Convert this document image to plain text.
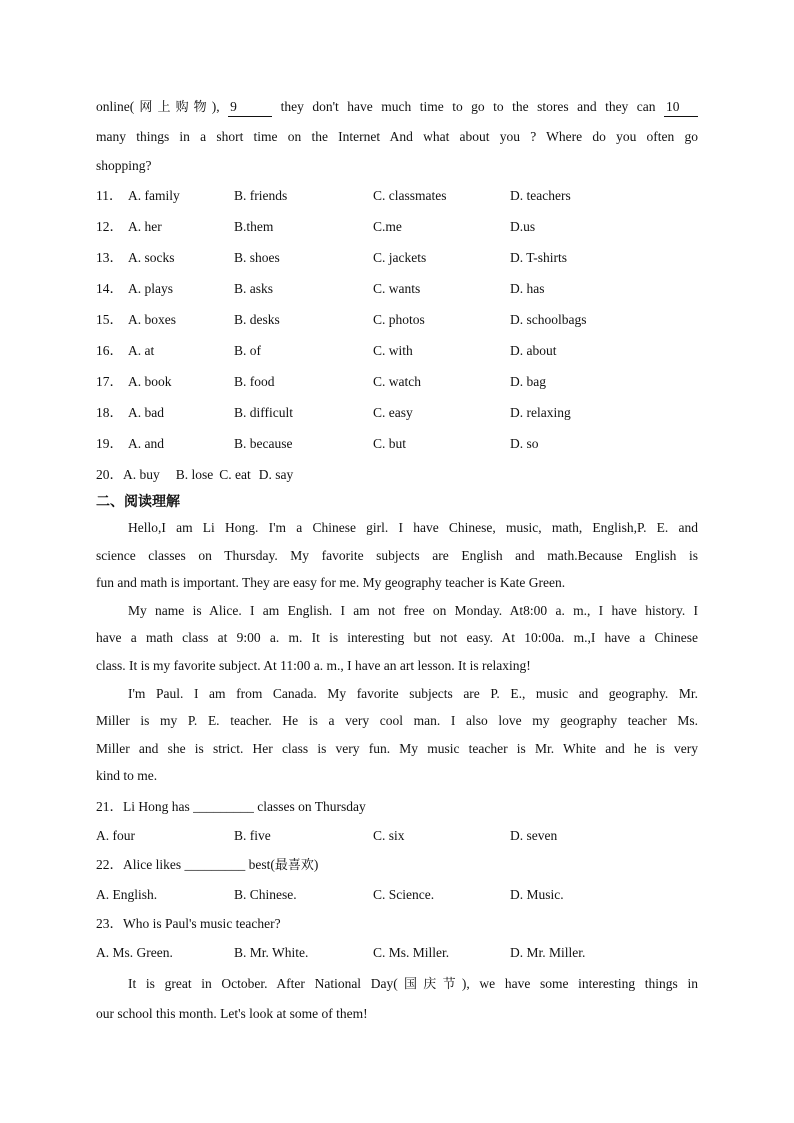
online(网上购物), 9	they don't have much time to go to the stores and they can 10

many things in a short time on the Internet And what about you ? Where do you often go

shopping?

11． A. family	B. friends	C. classmates	D. teachers
12． A. her	B.them	C.me	D.us
13． A. socks	B. shoes	C. jackets	D. T-shirts
14． A. plays	B. asks	C. wants	D. has
15． A. boxes	B. desks	C. photos	D. schoolbags
16． A. at	B. of	C. with	D. about
17． A. book	B. food	C. watch	D. bag
18． A. bad	B. difficult	C. easy	D. relaxing
19． A. and	B. because	C. but	D. so
20．A. buy B. lose C. eat D. say

二、阅读理解

Hello,I am Li Hong. I'm a Chinese girl. I have Chinese, music, math, English,P. E. and
science classes on Thursday. My favorite subjects are English and math.Because English is
fun and math is important. They are easy for me. My geography teacher is Kate Green.
My name is Alice. I am English. I am not free on Monday. At8:00 a. m., I have history. I
have a math class at 9:00 a. m. It is interesting but not easy. At 10:00a. m.,I have a Chinese
class. It is my favorite subject. At 11:00 a. m., I have an art lesson. It is relaxing!
I'm Paul. I am from Canada. My favorite subjects are P. E., music and geography. Mr.
Miller is my P. E. teacher. He is a very cool man. I also love my geography teacher Ms.
Miller and she is strict. Her class is very fun. My music teacher is Mr. White and he is very
kind to me.

21．Li Hong has _________ classes on Thursday

A. four	B. five	C. six	D. seven

22．Alice likes _________ best(最喜欢)

A. English.	B. Chinese.	C. Science.	D. Music.

23．Who is Paul's music teacher?

A. Ms. Green.	B. Mr. White.	C. Ms. Miller.	D. Mr. Miller.
It is great in October. After National Day(国庆节), we have some interesting things in
our school this month. Let's look at some of them!
